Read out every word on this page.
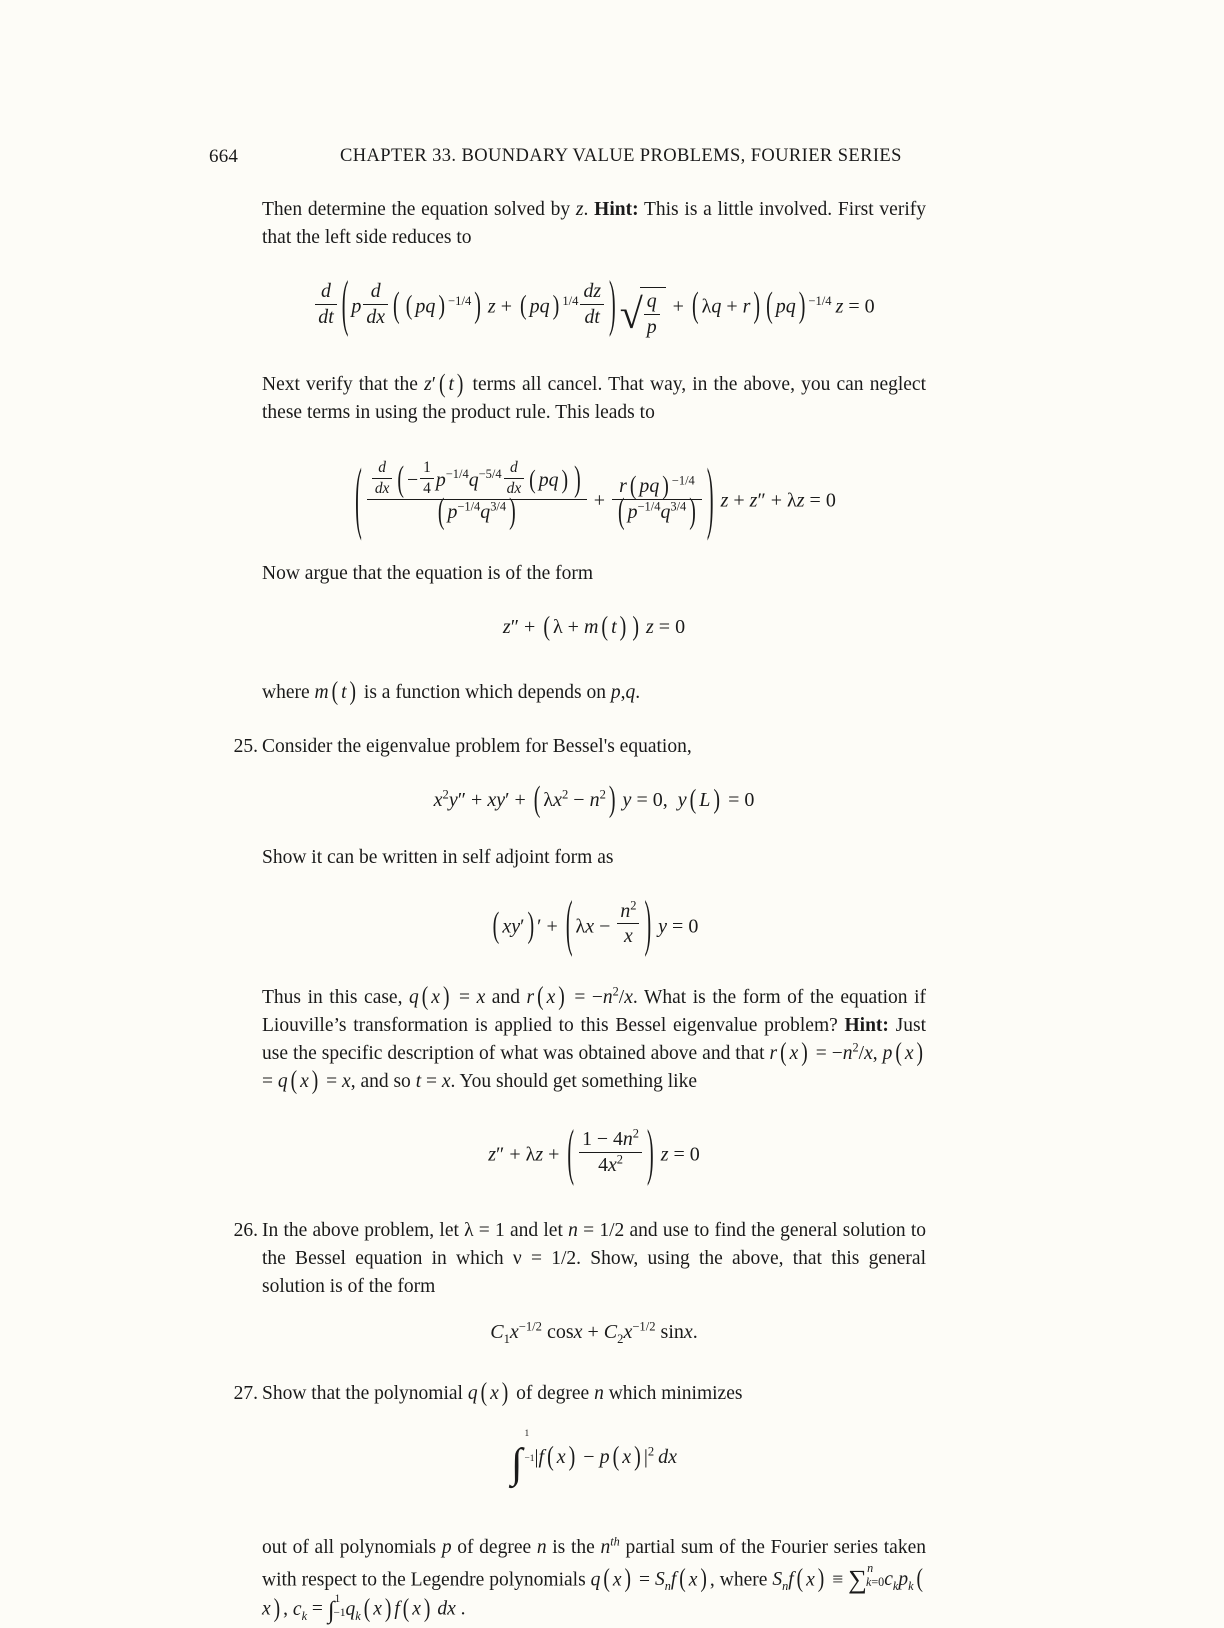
664	CHAPTER 33. BOUNDARY VALUE PROBLEMS, FOURIER SERIES
Then determine the equation solved by z. Hint: This is a little involved. First verify that the left side reduces to
$\frac{d}{dt}$ ( p $\frac{d}{dx}$ ( ( pq ) $^{-1/4}$ ) z + ( pq ) $^{1/4} \frac{dz}{dt}$ )√ $\frac{q}{p}$ + ( λq + r ) ( pq ) $^{-1/4}$ z = 0
Next verify that the z′ ( t ) terms all cancel. That way, in the above, you can neglect these terms in using the product rule. This leads to
( $\frac{\frac{d}{dx} ( - \frac{1}{4} p^{-1/4}q^{-5/4} \frac{d}{dx} ( pq ) )}{( p^{-1/4}q^{3/4} )} + \frac{r ( pq ) ^{-1/4}}{( p^{-1/4}q^{3/4} )}$ ) z + z″ + λz = 0
Now argue that the equation is of the form
z″ + ( λ + m ( t ) ) z = 0
where m ( t ) is a function which depends on p,q.
25. Consider the eigenvalue problem for Bessel's equation,
$x^2y'' + xy'$ + ( $\lambda x^2 - n^2$ ) y = 0,  y ( L ) = 0
Show it can be written in self adjoint form as
( xy′ ) ′ + ( $\lambda x - \frac{n^2}{x}$ ) y = 0
Thus in this case, q ( x ) = x and r ( x ) = $-n^2/x$. What is the form of the equation if Liouville’s transformation is applied to this Bessel eigenvalue problem? Hint: Just use the specific description of what was obtained above and that r ( x ) = $-n^2/x$, p ( x ) = q ( x ) = x, and so t = x. You should get something like
z″ + λz + ( $\frac{1 - 4n^2}{4x^2}$ ) z = 0
26. In the above problem, let λ = 1 and let n = 1/2 and use to find the general solution to the Bessel equation in which ν = 1/2. Show, using the above, that this general solution is of the form
$C_1x^{-1/2}$ $\cos x + C_2x^{-1/2}$ sinx.
27. Show that the polynomial q ( x ) of degree n which minimizes
∫
1
−1 |f ( x ) − p ( x ) $|^2$ dx
out of all polynomials p of degree n is the $n^{th}$ partial sum of the Fourier series taken with respect to the Legendre polynomials q ( x ) = $S_nf$ ( x ) , where $S_nf$ ( x ) ≡ ∑ n
k=0 $c_kp_k$ (x ) , $c_k$ = ∫ 1
−1 $q_k$ ( x ) f ( x ) dx .
